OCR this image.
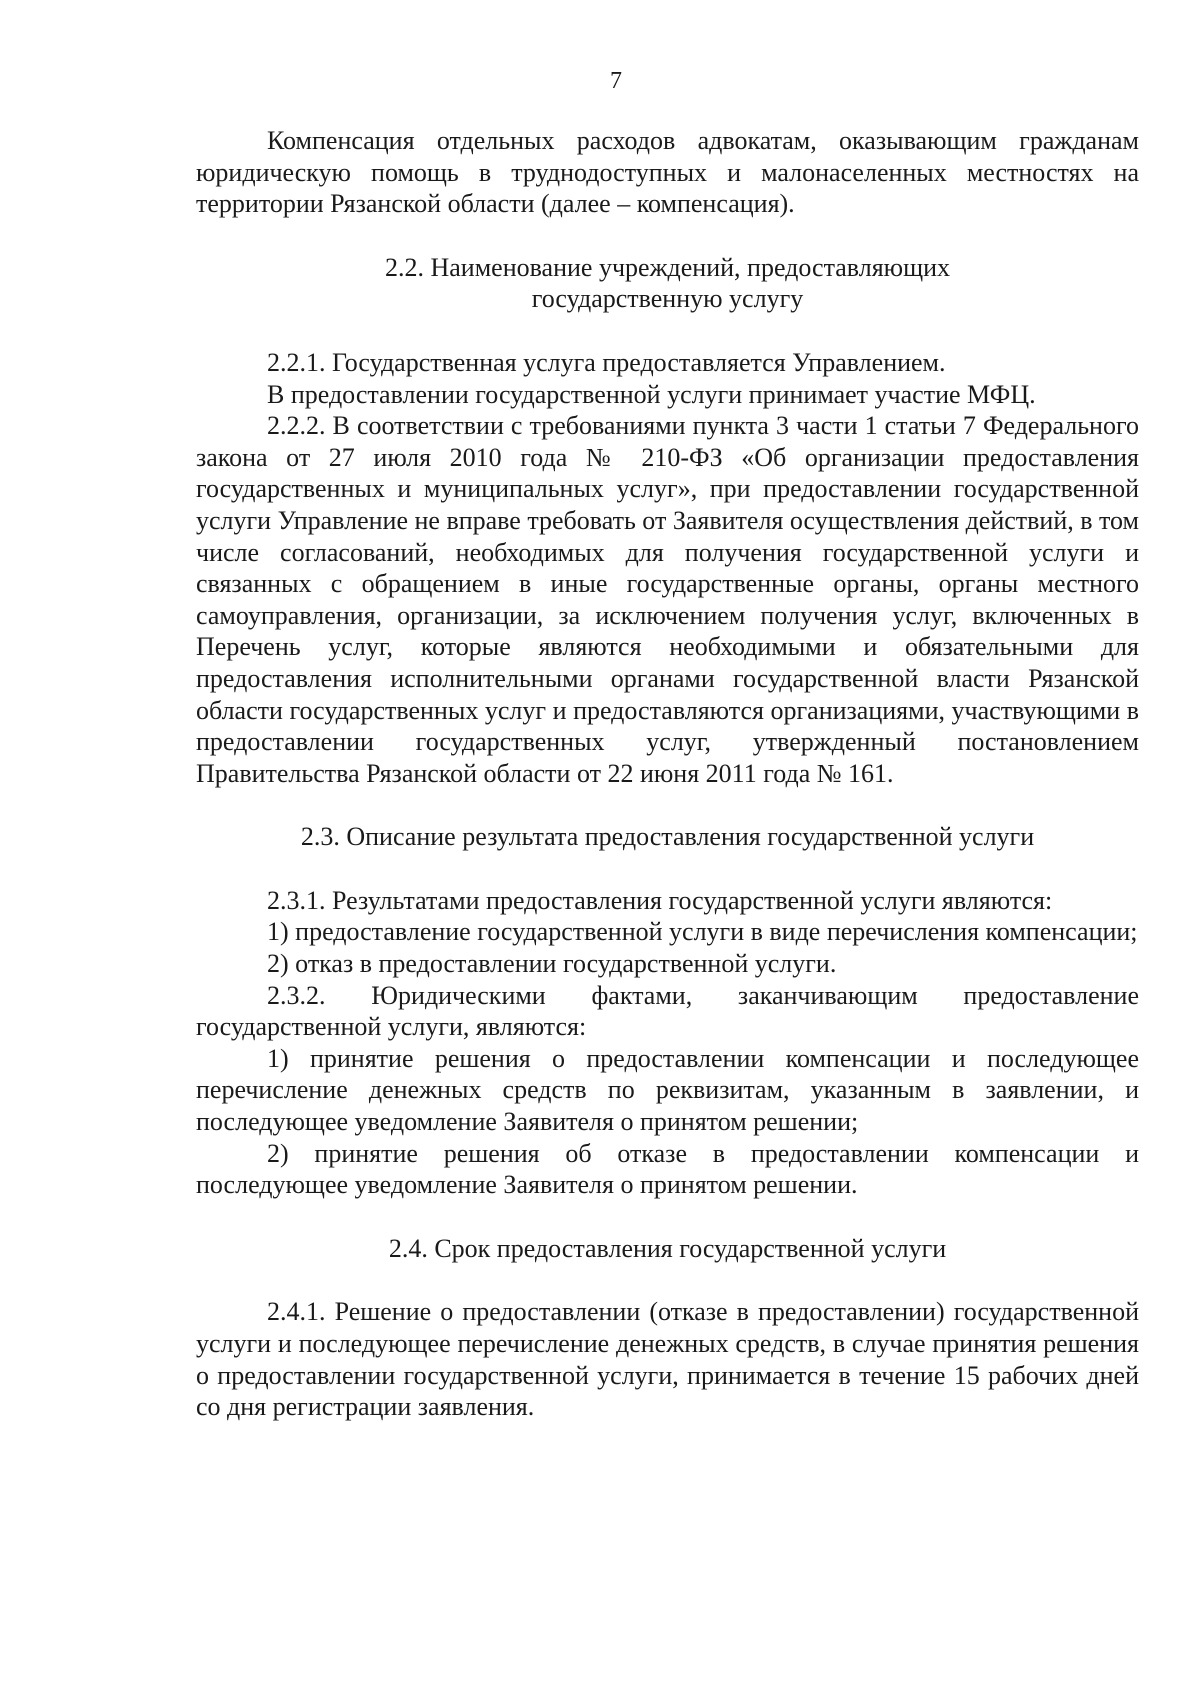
7

Компенсация отдельных расходов адвокатам, оказывающим гражданам юридическую помощь в труднодоступных и малонаселенных местностях на территории Рязанской области (далее – компенсация).

2.2. Наименование учреждений, предоставляющих

государственную услугу

2.2.1. Государственная услуга предоставляется Управлением.

В предоставлении государственной услуги принимает участие МФЦ.

2.2.2. В соответствии с требованиями пункта 3 части 1 статьи 7 Федерального закона от 27 июля 2010 года № 210-ФЗ «Об организации предоставления государственных и муниципальных услуг», при предоставлении государственной услуги Управление не вправе требовать от Заявителя осуществления действий, в том числе согласований, необходимых для получения государственной услуги и связанных с обращением в иные государственные органы, органы местного самоуправления, организации, за исключением получения услуг, включенных в Перечень услуг, которые являются необходимыми и обязательными для предоставления исполнительными органами государственной власти Рязанской области государственных услуг и предоставляются организациями, участвующими в предоставлении государственных услуг, утвержденный постановлением Правительства Рязанской области от 22 июня 2011 года № 161.

2.3. Описание результата предоставления государственной услуги

2.3.1. Результатами предоставления государственной услуги являются:

1) предоставление государственной услуги в виде перечисления компенсации;

2) отказ в предоставлении государственной услуги.

2.3.2. Юридическими фактами, заканчивающим предоставление государственной услуги, являются:

1) принятие решения о предоставлении компенсации и последующее перечисление денежных средств по реквизитам, указанным в заявлении, и последующее уведомление Заявителя о принятом решении;

2) принятие решения об отказе в предоставлении компенсации и последующее уведомление Заявителя о принятом решении.

2.4. Срок предоставления государственной услуги

2.4.1. Решение о предоставлении (отказе в предоставлении) государственной услуги и последующее перечисление денежных средств, в случае принятия решения о предоставлении государственной услуги, принимается в течение 15 рабочих дней со дня регистрации заявления.
